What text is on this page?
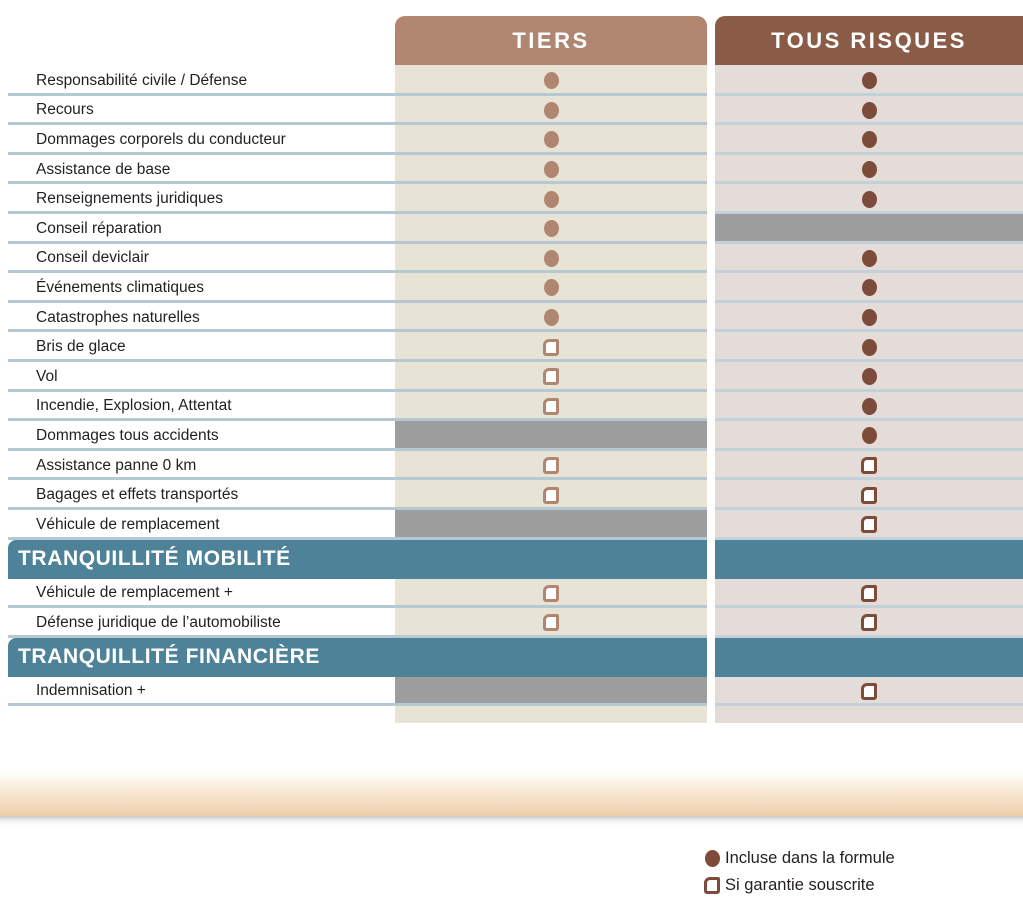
TIERS	TOUS RISQUES
Responsabilité civile / Défense
Recours
Dommages corporels du conducteur
Assistance de base
Renseignements juridiques
Conseil réparation
Conseil deviclair
Événements climatiques
Catastrophes naturelles
Bris de glace
Vol
Incendie, Explosion, Attentat
Dommages tous accidents
Assistance panne 0 km
Bagages et effets transportés
Véhicule de remplacement
TRANQUILLITÉ MOBILITÉ
Véhicule de remplacement +
Défense juridique de l’automobiliste
TRANQUILLITÉ FINANCIÈRE
Indemnisation +
Incluse dans la formule
Si garantie souscrite
